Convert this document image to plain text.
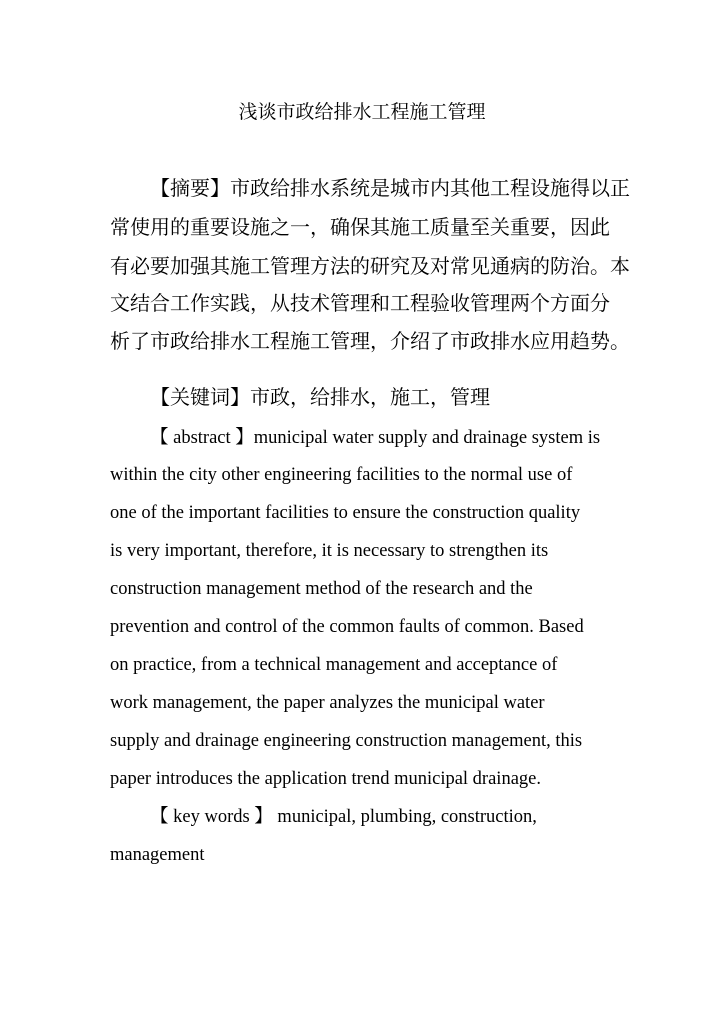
浅谈市政给排水工程施工管理
【摘要】市政给排水系统是城市内其他工程设施得以正
常使用的重要设施之一，确保其施工质量至关重要，因此
有必要加强其施工管理方法的研究及对常见通病的防治。本
文结合工作实践，从技术管理和工程验收管理两个方面分
析了市政给排水工程施工管理，介绍了市政排水应用趋势。
【关键词】市政，给排水，施工，管理
【 abstract 】municipal water supply and drainage system is
within the city other engineering facilities to the normal use of
one of the important facilities to ensure the construction quality
is very important, therefore, it is necessary to strengthen its
construction management method of the research and the
prevention and control of the common faults of common. Based
on practice, from a technical management and acceptance of
work management, the paper analyzes the municipal water
supply and drainage engineering construction management, this
paper introduces the application trend municipal drainage.
【 key words 】 municipal, plumbing, construction,
management
